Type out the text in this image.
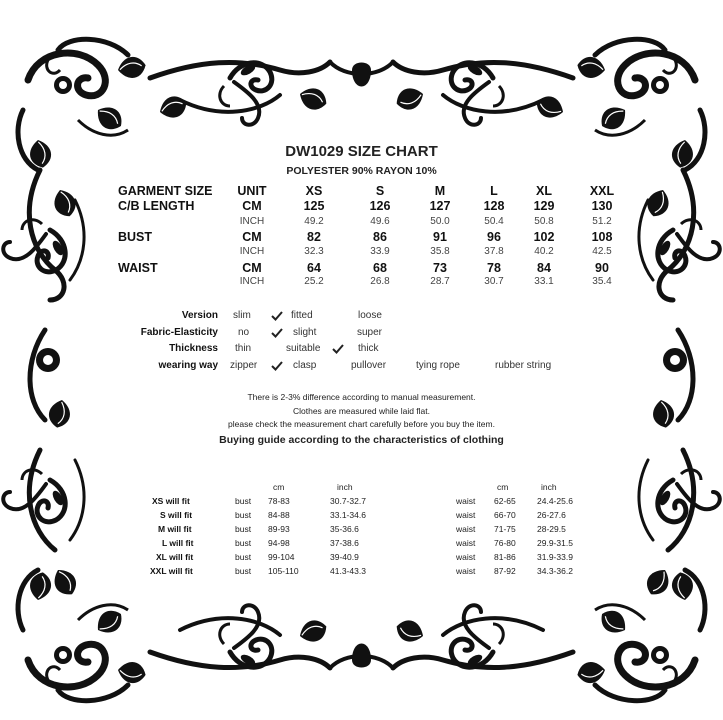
DW1029 SIZE CHART
POLYESTER 90% RAYON 10%
GARMENT SIZE	UNIT	XS	S	M	L	XL	XXL
C/B LENGTH	CM	125	126	127	128	129	130
INCH	49.2	49.6	50.0	50.4	50.8	51.2
BUST	CM	82	86	91	96	102	108
INCH	32.3	33.9	35.8	37.8	40.2	42.5
WAIST	CM	64	68	73	78	84	90
INCH	25.2	26.8	28.7	30.7	33.1	35.4
Version slim	fitted	loose
Fabric-Elasticity no	slight	super
Thickness thin	suitable	thick
wearing way zipper	clasp	pullover	tying rope	rubber string
There is 2-3% difference according to manual measurement.
Clothes are measured while laid flat.
please check the measurement chart carefully before you buy the item.
Buying guide according to the characteristics of clothing
cm	inch	cm	inch
XS will fit	bust 78-83	30.7-32.7	waist 62-65	24.4-25.6
S will fit	bust 84-88	33.1-34.6	waist 66-70	26-27.6
M will fit	bust 89-93	35-36.6	waist 71-75	28-29.5
L will fit	bust 94-98	37-38.6	waist 76-80	29.9-31.5
XL will fit	bust 99-104	39-40.9	waist 81-86	31.9-33.9
XXL will fit	bust 105-110	41.3-43.3	waist 87-92	34.3-36.2
